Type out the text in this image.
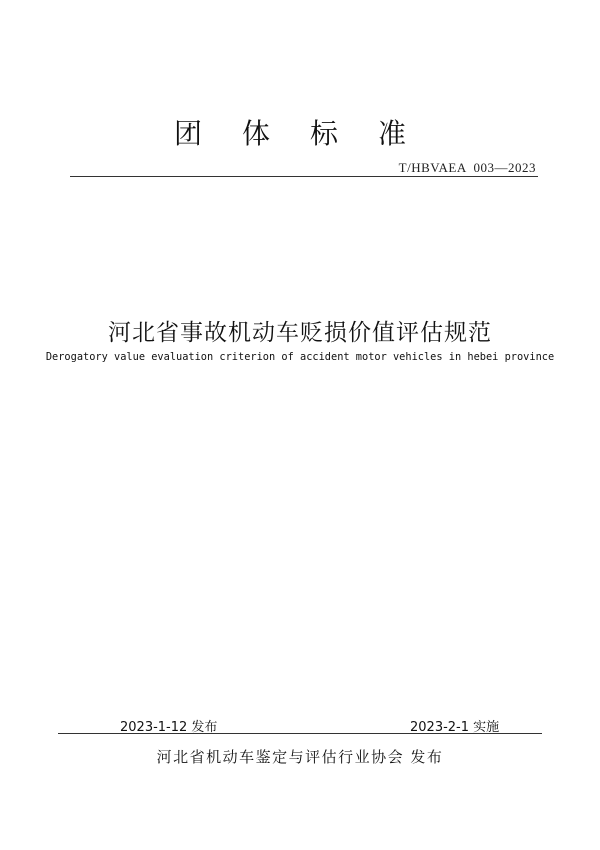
团体标准
T/HBVAEA  003—2023
河北省事故机动车贬损价值评估规范
Derogatory value evaluation criterion of accident motor vehicles in hebei province
2023-1-12 发布	2023-2-1 实施
河北省机动车鉴定与评估行业协会 发布
